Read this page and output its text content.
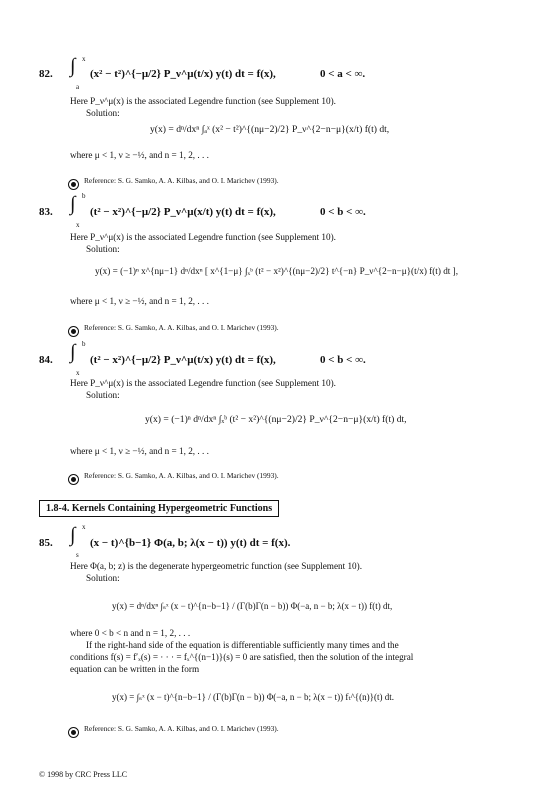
82. ∫ x
a
(x² − t²)^{−μ/2} P_ν^μ(t/x) y(t) dt = f(x),	0 < a < ∞.
Here P_ν^μ(x) is the associated Legendre function (see Supplement 10).
Solution:
y(x) = dⁿ/dxⁿ ∫ₐˣ (x² − t²)^{(nμ−2)/2} P_ν^{2−n−μ}(x/t) f(t) dt,
where μ < 1, ν ≥ −½, and n = 1, 2, . . .
Reference: S. G. Samko, A. A. Kilbas, and O. I. Marichev (1993).
83. ∫ b
x
(t² − x²)^{−μ/2} P_ν^μ(x/t) y(t) dt = f(x),	0 < b < ∞.
Here P_ν^μ(x) is the associated Legendre function (see Supplement 10).
Solution:
y(x) = (−1)ⁿ x^{nμ−1} dⁿ/dxⁿ [ x^{1−μ} ∫ₓᵇ (t² − x²)^{(nμ−2)/2} t^{−n} P_ν^{2−n−μ}(t/x) f(t) dt ],
where μ < 1, ν ≥ −½, and n = 1, 2, . . .
Reference: S. G. Samko, A. A. Kilbas, and O. I. Marichev (1993).
84. ∫ b
x
(t² − x²)^{−μ/2} P_ν^μ(t/x) y(t) dt = f(x),	0 < b < ∞.
Here P_ν^μ(x) is the associated Legendre function (see Supplement 10).
Solution:
y(x) = (−1)ⁿ dⁿ/dxⁿ ∫ₓᵇ (t² − x²)^{(nμ−2)/2} P_ν^{2−n−μ}(x/t) f(t) dt,
where μ < 1, ν ≥ −½, and n = 1, 2, . . .
Reference: S. G. Samko, A. A. Kilbas, and O. I. Marichev (1993).
1.8-4. Kernels Containing Hypergeometric Functions
85. ∫ x
s
(x − t)^{b−1} Φ(a, b; λ(x − t)) y(t) dt = f(x).
Here Φ(a, b; z) is the degenerate hypergeometric function (see Supplement 10).
Solution:
y(x) = dⁿ/dxⁿ ∫ₛˣ (x − t)^{n−b−1} / (Γ(b)Γ(n − b)) Φ(−a, n − b; λ(x − t)) f(t) dt,
where 0 < b < n and n = 1, 2, . . .
If the right-hand side of the equation is differentiable sufficiently many times and the
conditions f(s) = f′ₓ(s) = · · · = fₓ^{(n−1)}(s) = 0 are satisfied, then the solution of the integral
equation can be written in the form
y(x) = ∫ₛˣ (x − t)^{n−b−1} / (Γ(b)Γ(n − b)) Φ(−a, n − b; λ(x − t)) fₜ^{(n)}(t) dt.
Reference: S. G. Samko, A. A. Kilbas, and O. I. Marichev (1993).
© 1998 by CRC Press LLC
